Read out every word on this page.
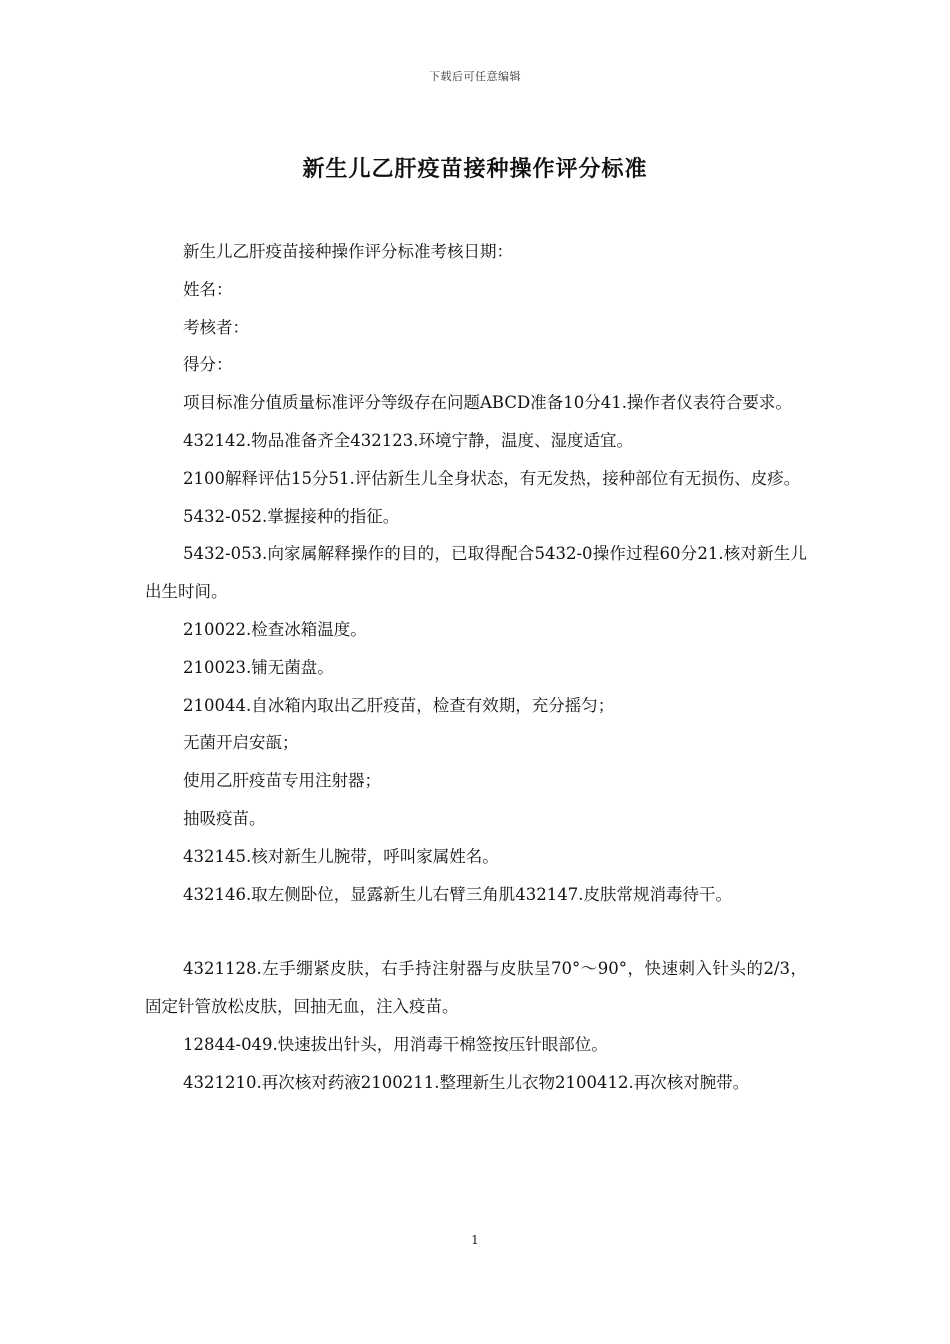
下载后可任意编辑
新生儿乙肝疫苗接种操作评分标准

新生儿乙肝疫苗接种操作评分标准考核日期：

姓名：

考核者：

得分：

项目标准分值质量标准评分等级存在问题ABCD准备10分41.操作者仪表符合要求。

432142.物品准备齐全432123.环境宁静，温度、湿度适宜。

2100解释评估15分51.评估新生儿全身状态，有无发热，接种部位有无损伤、皮疹。

5432-052.掌握接种的指征。

5432-053.向家属解释操作的目的，已取得配合5432-0操作过程60分21.核对新生儿出生时间。

210022.检查冰箱温度。

210023.铺无菌盘。

210044.自冰箱内取出乙肝疫苗，检查有效期，充分摇匀；

无菌开启安瓿；

使用乙肝疫苗专用注射器；

抽吸疫苗。

432145.核对新生儿腕带，呼叫家属姓名。

432146.取左侧卧位，显露新生儿右臂三角肌432147.皮肤常规消毒待干。

4321128.左手绷紧皮肤，右手持注射器与皮肤呈70°～90°，快速刺入针头的2/3，固定针管放松皮肤，回抽无血，注入疫苗。

12844-049.快速拔出针头，用消毒干棉签按压针眼部位。

4321210.再次核对药液2100211.整理新生儿衣物2100412.再次核对腕带。

1
